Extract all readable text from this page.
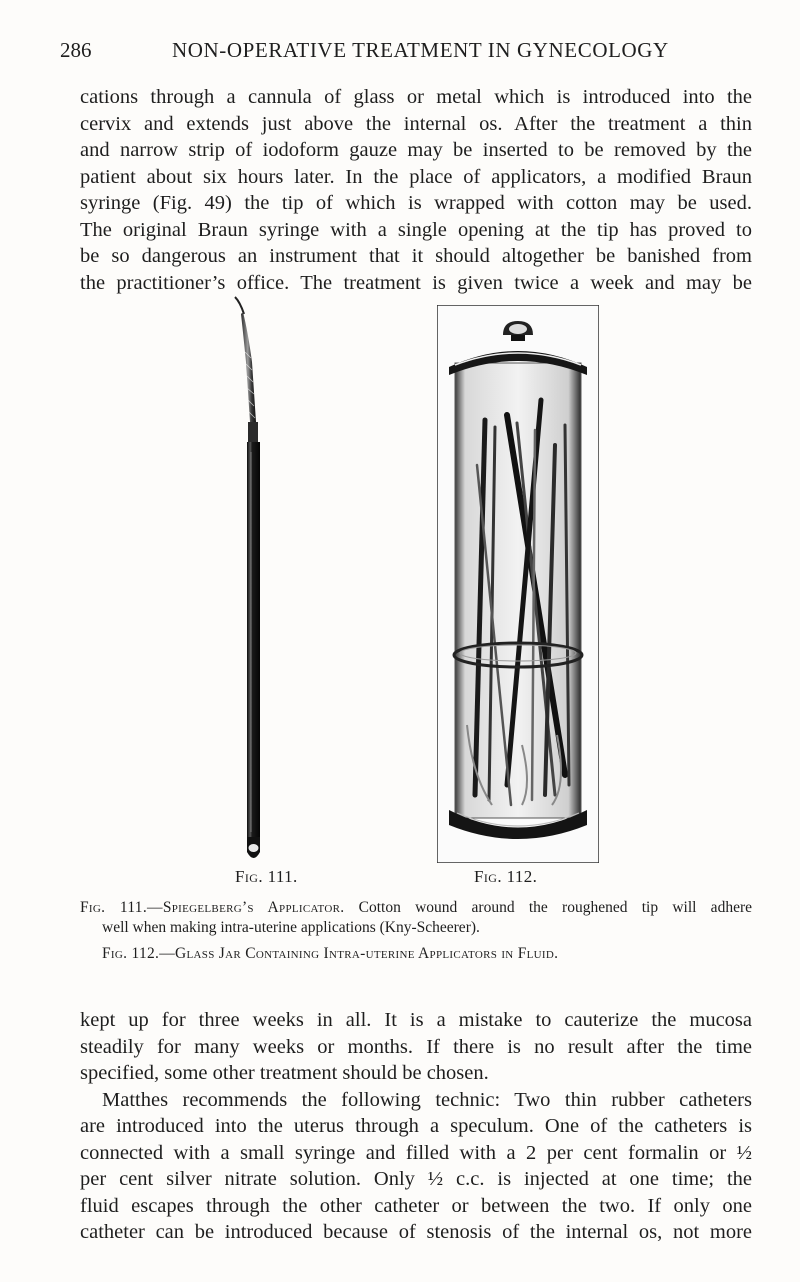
286	NON-OPERATIVE TREATMENT IN GYNECOLOGY

cations through a cannula of glass or metal which is introduced into the
cervix and extends just above the internal os. After the treatment a thin
and narrow strip of iodoform gauze may be inserted to be removed by the
patient about six hours later. In the place of applicators, a modified Braun
syringe (Fig. 49) the tip of which is wrapped with cotton may be used.
The original Braun syringe with a single opening at the tip has proved to
be so dangerous an instrument that it should altogether be banished from
the practitioner’s office. The treatment is given twice a week and may be

Fig. 111.	Fig. 112.

Fig. 111.—Spiegelberg’s Applicator. Cotton wound around the roughened tip will adhere
well when making intra-uterine applications (Kny-Scheerer).

Fig. 112.—Glass Jar Containing Intra-uterine Applicators in Fluid.

kept up for three weeks in all. It is a mistake to cauterize the mucosa
steadily for many weeks or months. If there is no result after the time
specified, some other treatment should be chosen.
Matthes recommends the following technic: Two thin rubber catheters
are introduced into the uterus through a speculum. One of the catheters is
connected with a small syringe and filled with a 2 per cent formalin or ½
per cent silver nitrate solution. Only ½ c.c. is injected at one time; the
fluid escapes through the other catheter or between the two. If only one
catheter can be introduced because of stenosis of the internal os, not more
